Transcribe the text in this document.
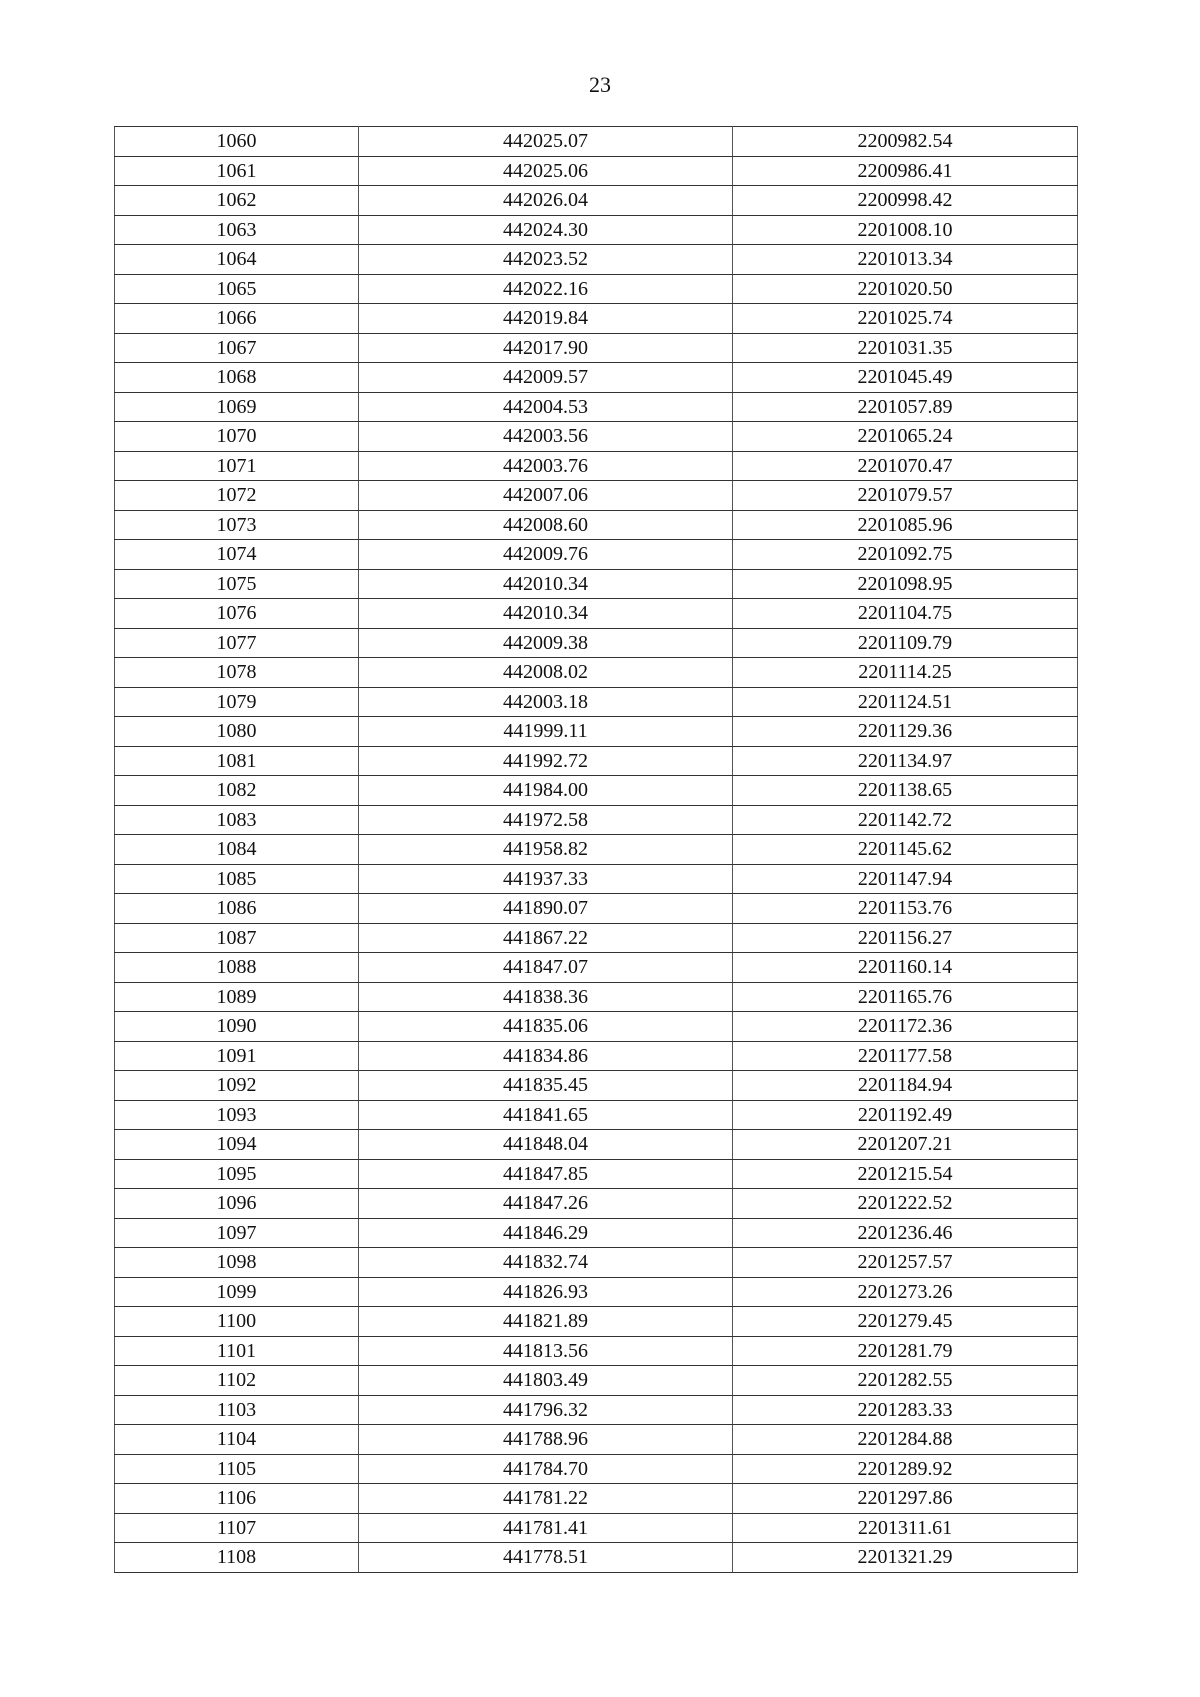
23
1060	442025.07	2200982.54
1061	442025.06	2200986.41
1062	442026.04	2200998.42
1063	442024.30	2201008.10
1064	442023.52	2201013.34
1065	442022.16	2201020.50
1066	442019.84	2201025.74
1067	442017.90	2201031.35
1068	442009.57	2201045.49
1069	442004.53	2201057.89
1070	442003.56	2201065.24
1071	442003.76	2201070.47
1072	442007.06	2201079.57
1073	442008.60	2201085.96
1074	442009.76	2201092.75
1075	442010.34	2201098.95
1076	442010.34	2201104.75
1077	442009.38	2201109.79
1078	442008.02	2201114.25
1079	442003.18	2201124.51
1080	441999.11	2201129.36
1081	441992.72	2201134.97
1082	441984.00	2201138.65
1083	441972.58	2201142.72
1084	441958.82	2201145.62
1085	441937.33	2201147.94
1086	441890.07	2201153.76
1087	441867.22	2201156.27
1088	441847.07	2201160.14
1089	441838.36	2201165.76
1090	441835.06	2201172.36
1091	441834.86	2201177.58
1092	441835.45	2201184.94
1093	441841.65	2201192.49
1094	441848.04	2201207.21
1095	441847.85	2201215.54
1096	441847.26	2201222.52
1097	441846.29	2201236.46
1098	441832.74	2201257.57
1099	441826.93	2201273.26
1100	441821.89	2201279.45
1101	441813.56	2201281.79
1102	441803.49	2201282.55
1103	441796.32	2201283.33
1104	441788.96	2201284.88
1105	441784.70	2201289.92
1106	441781.22	2201297.86
1107	441781.41	2201311.61
1108	441778.51	2201321.29
